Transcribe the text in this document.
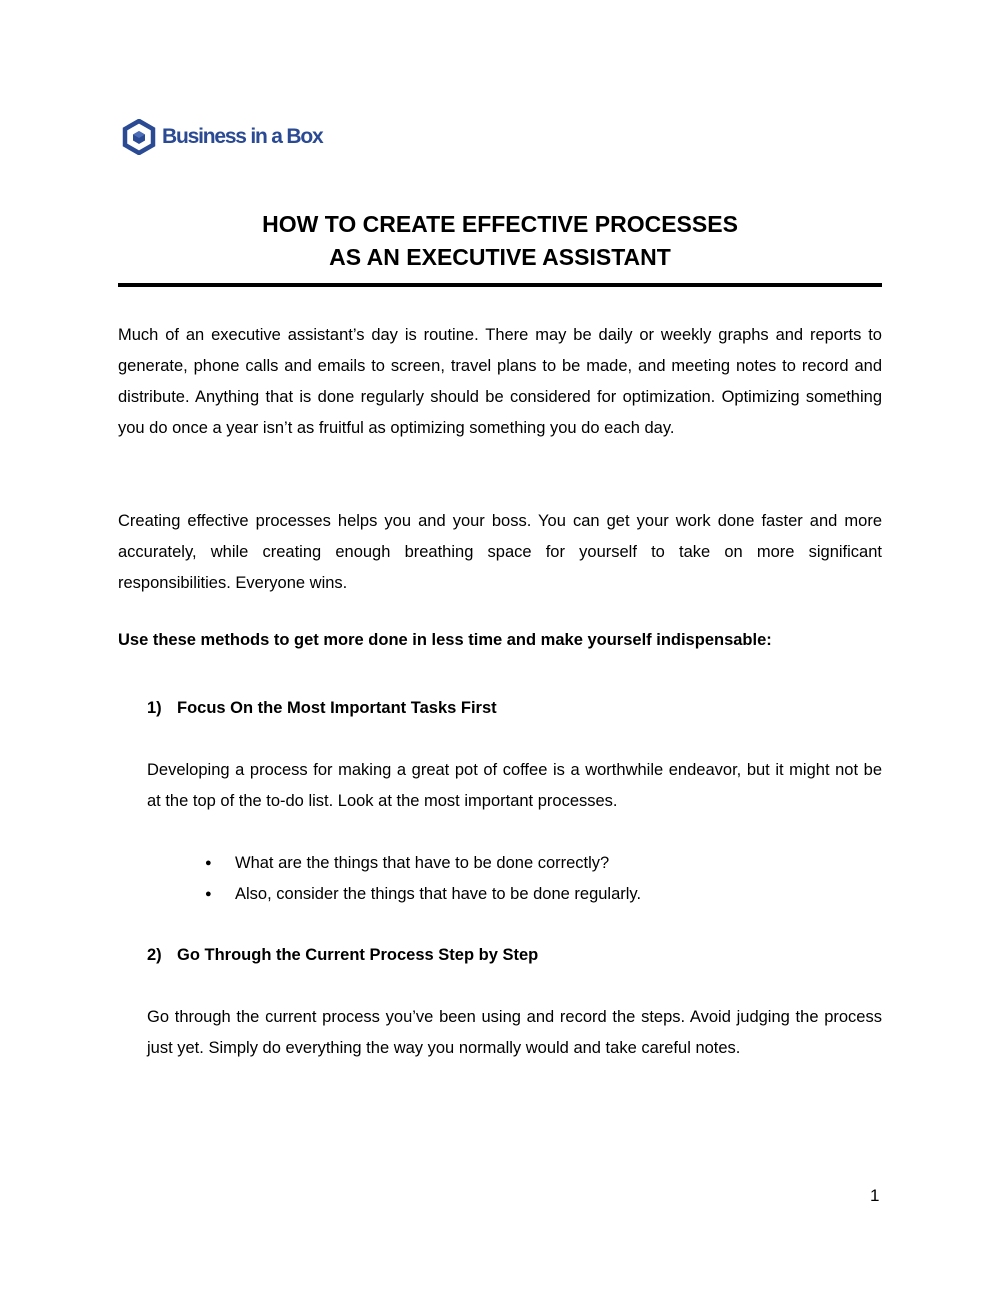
Business in a Box
HOW TO CREATE EFFECTIVE PROCESSES
AS AN EXECUTIVE ASSISTANT

Much of an executive assistant’s day is routine. There may be daily or weekly graphs and reports to generate, phone calls and emails to screen, travel plans to be made, and meeting notes to record and distribute. Anything that is done regularly should be considered for optimization. Optimizing something you do once a year isn’t as fruitful as optimizing something you do each day.

Creating effective processes helps you and your boss. You can get your work done faster and more accurately, while creating enough breathing space for yourself to take on more significant responsibilities. Everyone wins.

Use these methods to get more done in less time and make yourself indispensable:

1) Focus On the Most Important Tasks First

Developing a process for making a great pot of coffee is a worthwhile endeavor, but it might not be at the top of the to-do list. Look at the most important processes.

● What are the things that have to be done correctly?
● Also, consider the things that have to be done regularly.
2) Go Through the Current Process Step by Step

Go through the current process you’ve been using and record the steps. Avoid judging the process just yet. Simply do everything the way you normally would and take careful notes.

1
